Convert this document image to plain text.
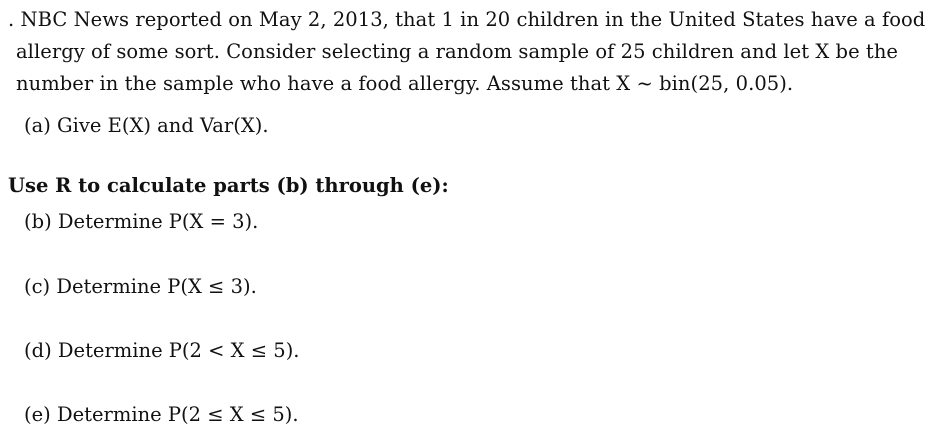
. NBC News reported on May 2, 2013, that 1 in 20 children in the United States have a food
allergy of some sort. Consider selecting a random sample of 25 children and let X be the
number in the sample who have a food allergy. Assume that X ~ bin(25, 0.05).
(a) Give E(X) and Var(X).
Use R to calculate parts (b) through (e):
(b) Determine P(X = 3).
(c) Determine P(X ≤ 3).
(d) Determine P(2 < X ≤ 5).
(e) Determine P(2 ≤ X ≤ 5).
